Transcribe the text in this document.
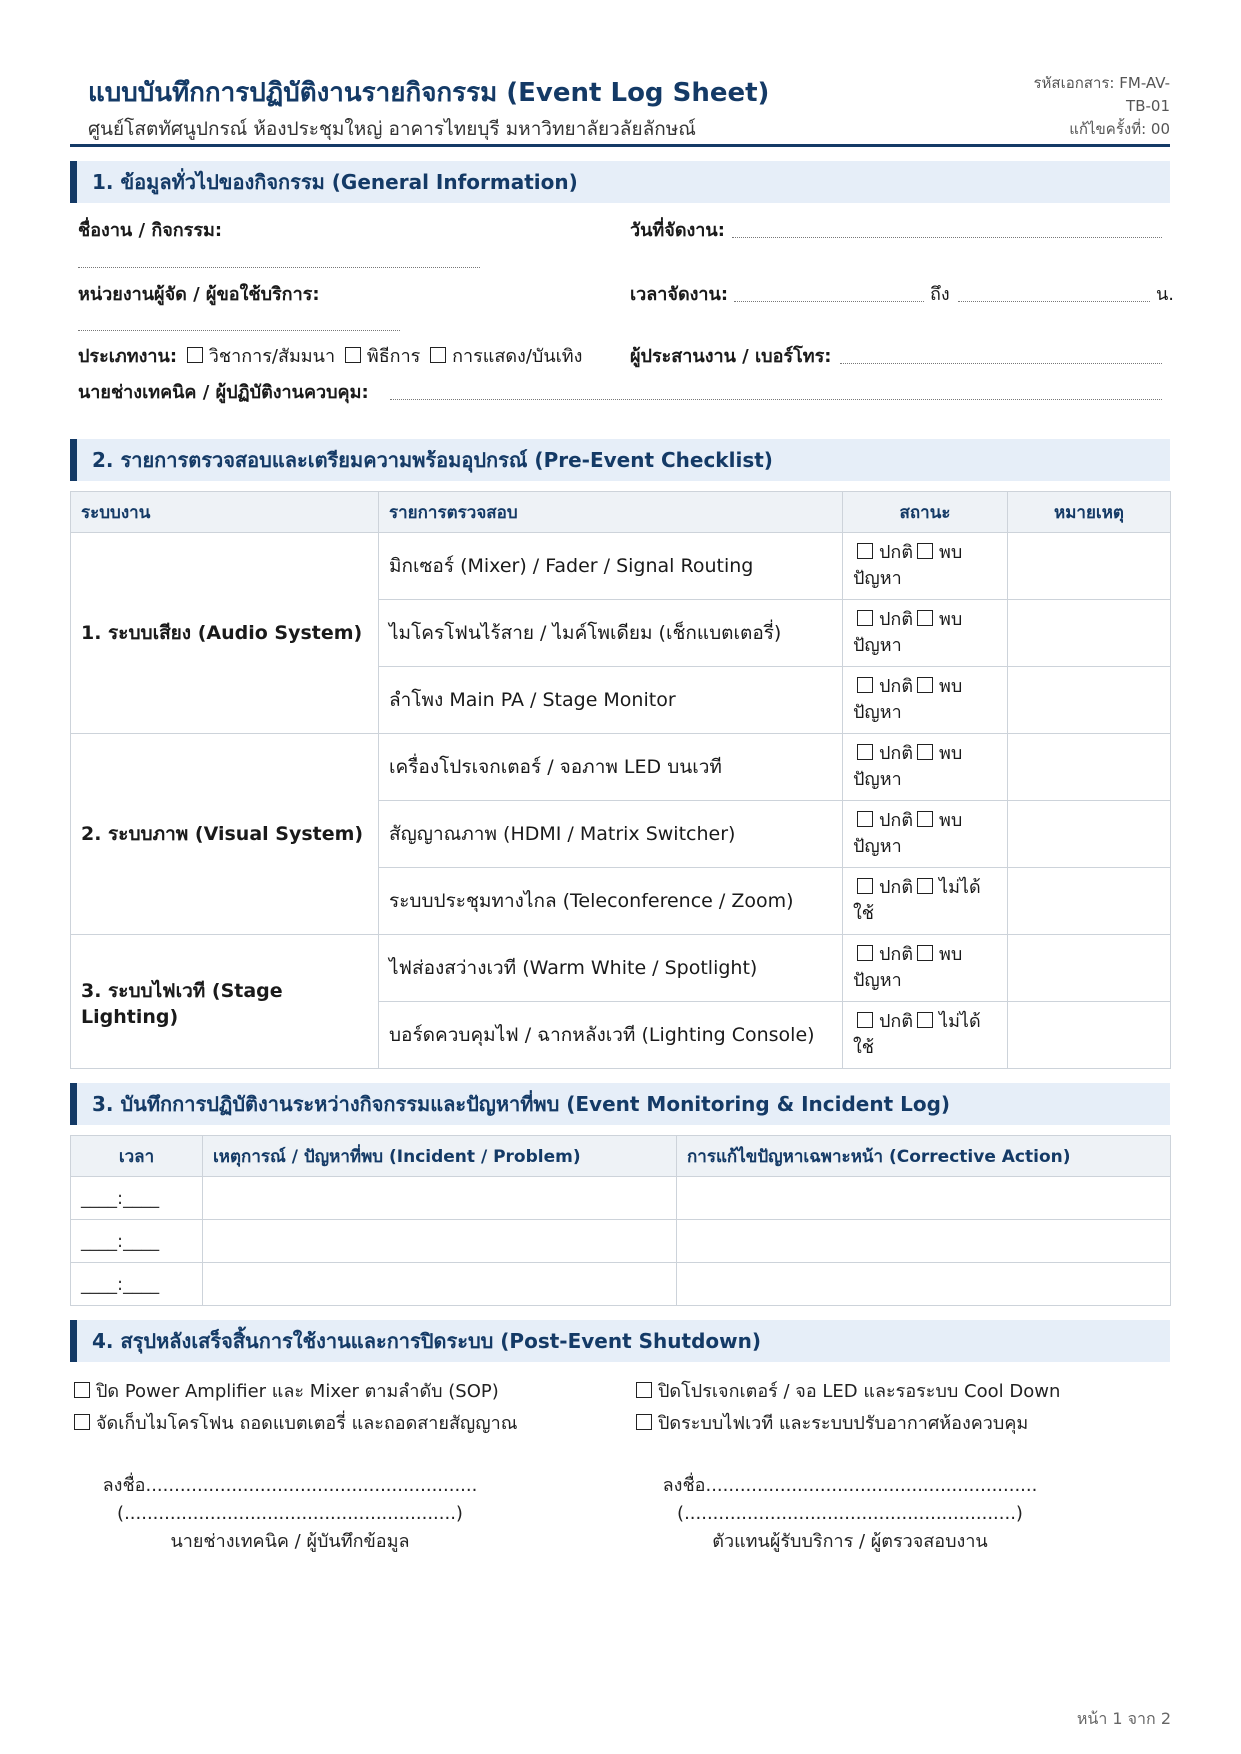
แบบบันทึกการปฏิบัติงานรายกิจกรรม (Event Log Sheet)
ศูนย์โสตทัศนูปกรณ์ ห้องประชุมใหญ่ อาคารไทยบุรี มหาวิทยาลัยวลัยลักษณ์
รหัสเอกสาร: FM-AV-
TB-01
แก้ไขครั้งที่: 00
1. ข้อมูลทั่วไปของกิจกรรม (General Information)
ชื่องาน / กิจกรรม:	วันที่จัดงาน:
หน่วยงานผู้จัด / ผู้ขอใช้บริการ:	เวลาจัดงาน:	ถึง	น.
ประเภทงาน: วิชาการ/สัมมนา พิธีการ การแสดง/บันเทิง	ผู้ประสานงาน / เบอร์โทร:
นายช่างเทคนิค / ผู้ปฏิบัติงานควบคุม:
2. รายการตรวจสอบและเตรียมความพร้อมอุปกรณ์ (Pre-Event Checklist)
ระบบงาน	รายการตรวจสอบ	สถานะ	หมายเหตุ
1. ระบบเสียง (Audio System)	มิกเซอร์ (Mixer) / Fader / Signal Routing	ปกติ พบ
ปัญหา	
	ไมโครโฟนไร้สาย / ไมค์โพเดียม (เช็กแบตเตอรี่)	ปกติ พบ
ปัญหา	
	ลำโพง Main PA / Stage Monitor	ปกติ พบ
ปัญหา	
2. ระบบภาพ (Visual System)	เครื่องโปรเจกเตอร์ / จอภาพ LED บนเวที	ปกติ พบ
ปัญหา	
	สัญญาณภาพ (HDMI / Matrix Switcher)	ปกติ พบ
ปัญหา	
	ระบบประชุมทางไกล (Teleconference / Zoom)	ปกติ ไม่ได้
ใช้	
3. ระบบไฟเวที (Stage Lighting)	ไฟส่องสว่างเวที (Warm White / Spotlight)	ปกติ พบ
ปัญหา	
	บอร์ดควบคุมไฟ / ฉากหลังเวที (Lighting Console)	ปกติ ไม่ได้
ใช้	
3. บันทึกการปฏิบัติงานระหว่างกิจกรรมและปัญหาที่พบ (Event Monitoring & Incident Log)
เวลา	เหตุการณ์ / ปัญหาที่พบ (Incident / Problem)	การแก้ไขปัญหาเฉพาะหน้า (Corrective Action)
____:____		
____:____		
____:____		
4. สรุปหลังเสร็จสิ้นการใช้งานและการปิดระบบ (Post-Event Shutdown)
ปิด Power Amplifier และ Mixer ตามลำดับ (SOP)	ปิดโปรเจกเตอร์ / จอ LED และรอระบบ Cool Down
จัดเก็บไมโครโฟน ถอดแบตเตอรี่ และถอดสายสัญญาณ	ปิดระบบไฟเวที และระบบปรับอากาศห้องควบคุม
ลงชื่อ..........................................................
(..........................................................)
นายช่างเทคนิค / ผู้บันทึกข้อมูล
ลงชื่อ..........................................................
(..........................................................)
ตัวแทนผู้รับบริการ / ผู้ตรวจสอบงาน
หน้า 1 จาก 2
